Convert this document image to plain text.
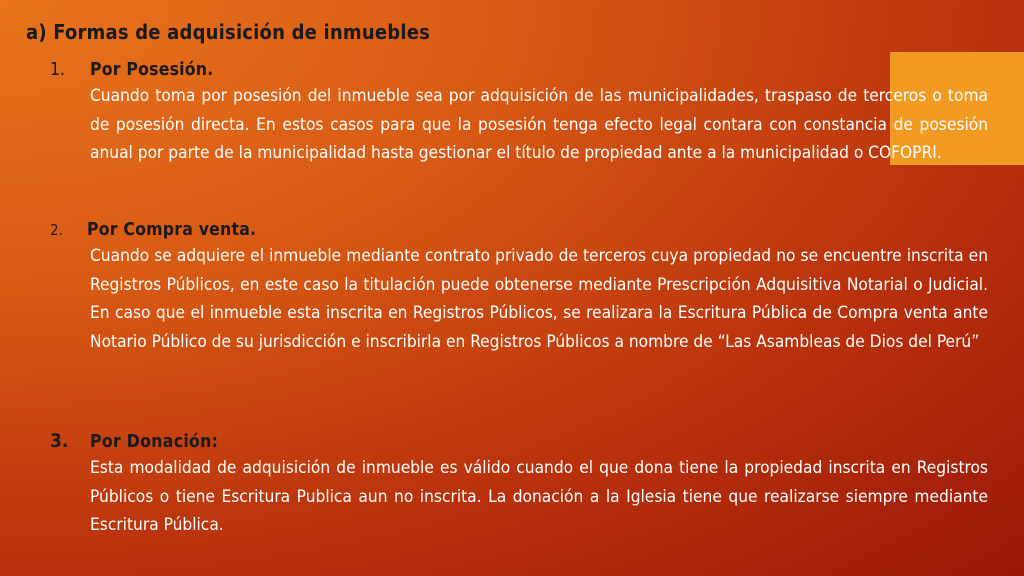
a) Formas de adquisición de inmuebles

1.	Por Posesión.

Cuando toma por posesión del inmueble sea por adquisición de las municipalidades, traspaso de terceros o toma de posesión directa. En estos casos para que la posesión tenga efecto legal contara con constancia de posesión anual por parte de la municipalidad hasta gestionar el título de propiedad ante a la municipalidad o COFOPRI.

2.	Por Compra venta.

Cuando se adquiere el inmueble mediante contrato privado de terceros cuya propiedad no se encuentre inscrita en Registros Públicos, en este caso la titulación puede obtenerse mediante Prescripción Adquisitiva Notarial o Judicial. En caso que el inmueble esta inscrita en Registros Públicos, se realizara la Escritura Pública de Compra venta ante Notario Público de su jurisdicción e inscribirla en Registros Públicos a nombre de “Las Asambleas de Dios del Perú”

3.	Por Donación:

Esta modalidad de adquisición de inmueble es válido cuando el que dona tiene la propiedad inscrita en Registros Públicos o tiene Escritura Publica aun no inscrita. La donación a la Iglesia tiene que realizarse siempre mediante Escritura Pública.
